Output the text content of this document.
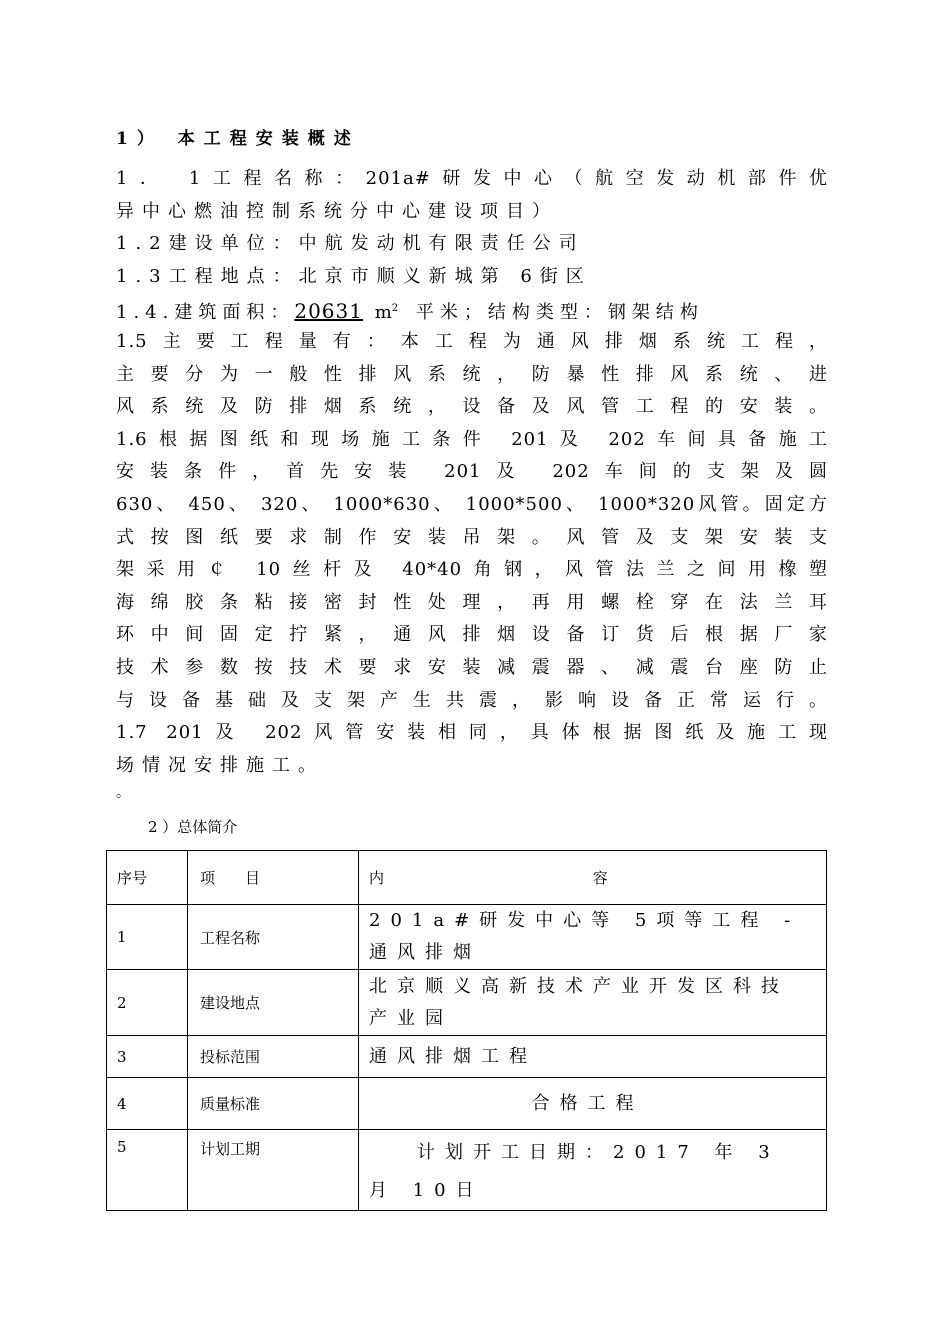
1） 本工程安装概述
1． 1工程名称：201a#研发中心（航空发动机部件优
异中心燃油控制系统分中心建设项目）
1.2建设单位：中航发动机有限责任公司
1.3工程地点：北京市顺义新城第 6街区
1.4.建筑面积：20631 $m^2$ 平米；结构类型：钢架结构
1.5主要工程量有：本工程为通风排烟系统工程，
主要分为一般性排风系统，防暴性排风系统、进
风系统及防排烟系统，设备及风管工程的安装。
1.6根据图纸和现场施工条件 201及 202车间具备施工
安装条件，首先安装 201及 202车间的支架及圆
630、 450、 320、 1000*630、 1000*500、 1000*320风管。固定方
式按图纸要求制作安装吊架。风管及支架安装支
架采用￠ 10丝杆及 40*40角钢，风管法兰之间用橡塑
海绵胶条粘接密封性处理，再用螺栓穿在法兰耳
环中间固定拧紧，通风排烟设备订货后根据厂家
技术参数按技术要求安装减震器、减震台座防止
与设备基础及支架产生共震，影响设备正常运行。
1.7 201及 202风管安装相同，具体根据图纸及施工现
场情况安排施工。
。
2 ）总体简介
序号	项　　目	内 容
1	工程名称	201a#研发中心等 5项等工程 -通风排烟
2	建设地点	北京顺义高新技术产业开发区科技产业园
3	投标范围	通风排烟工程
4	质量标准	合格工程
5	计划工期	计划开工日期：2017 年 3月 10日
